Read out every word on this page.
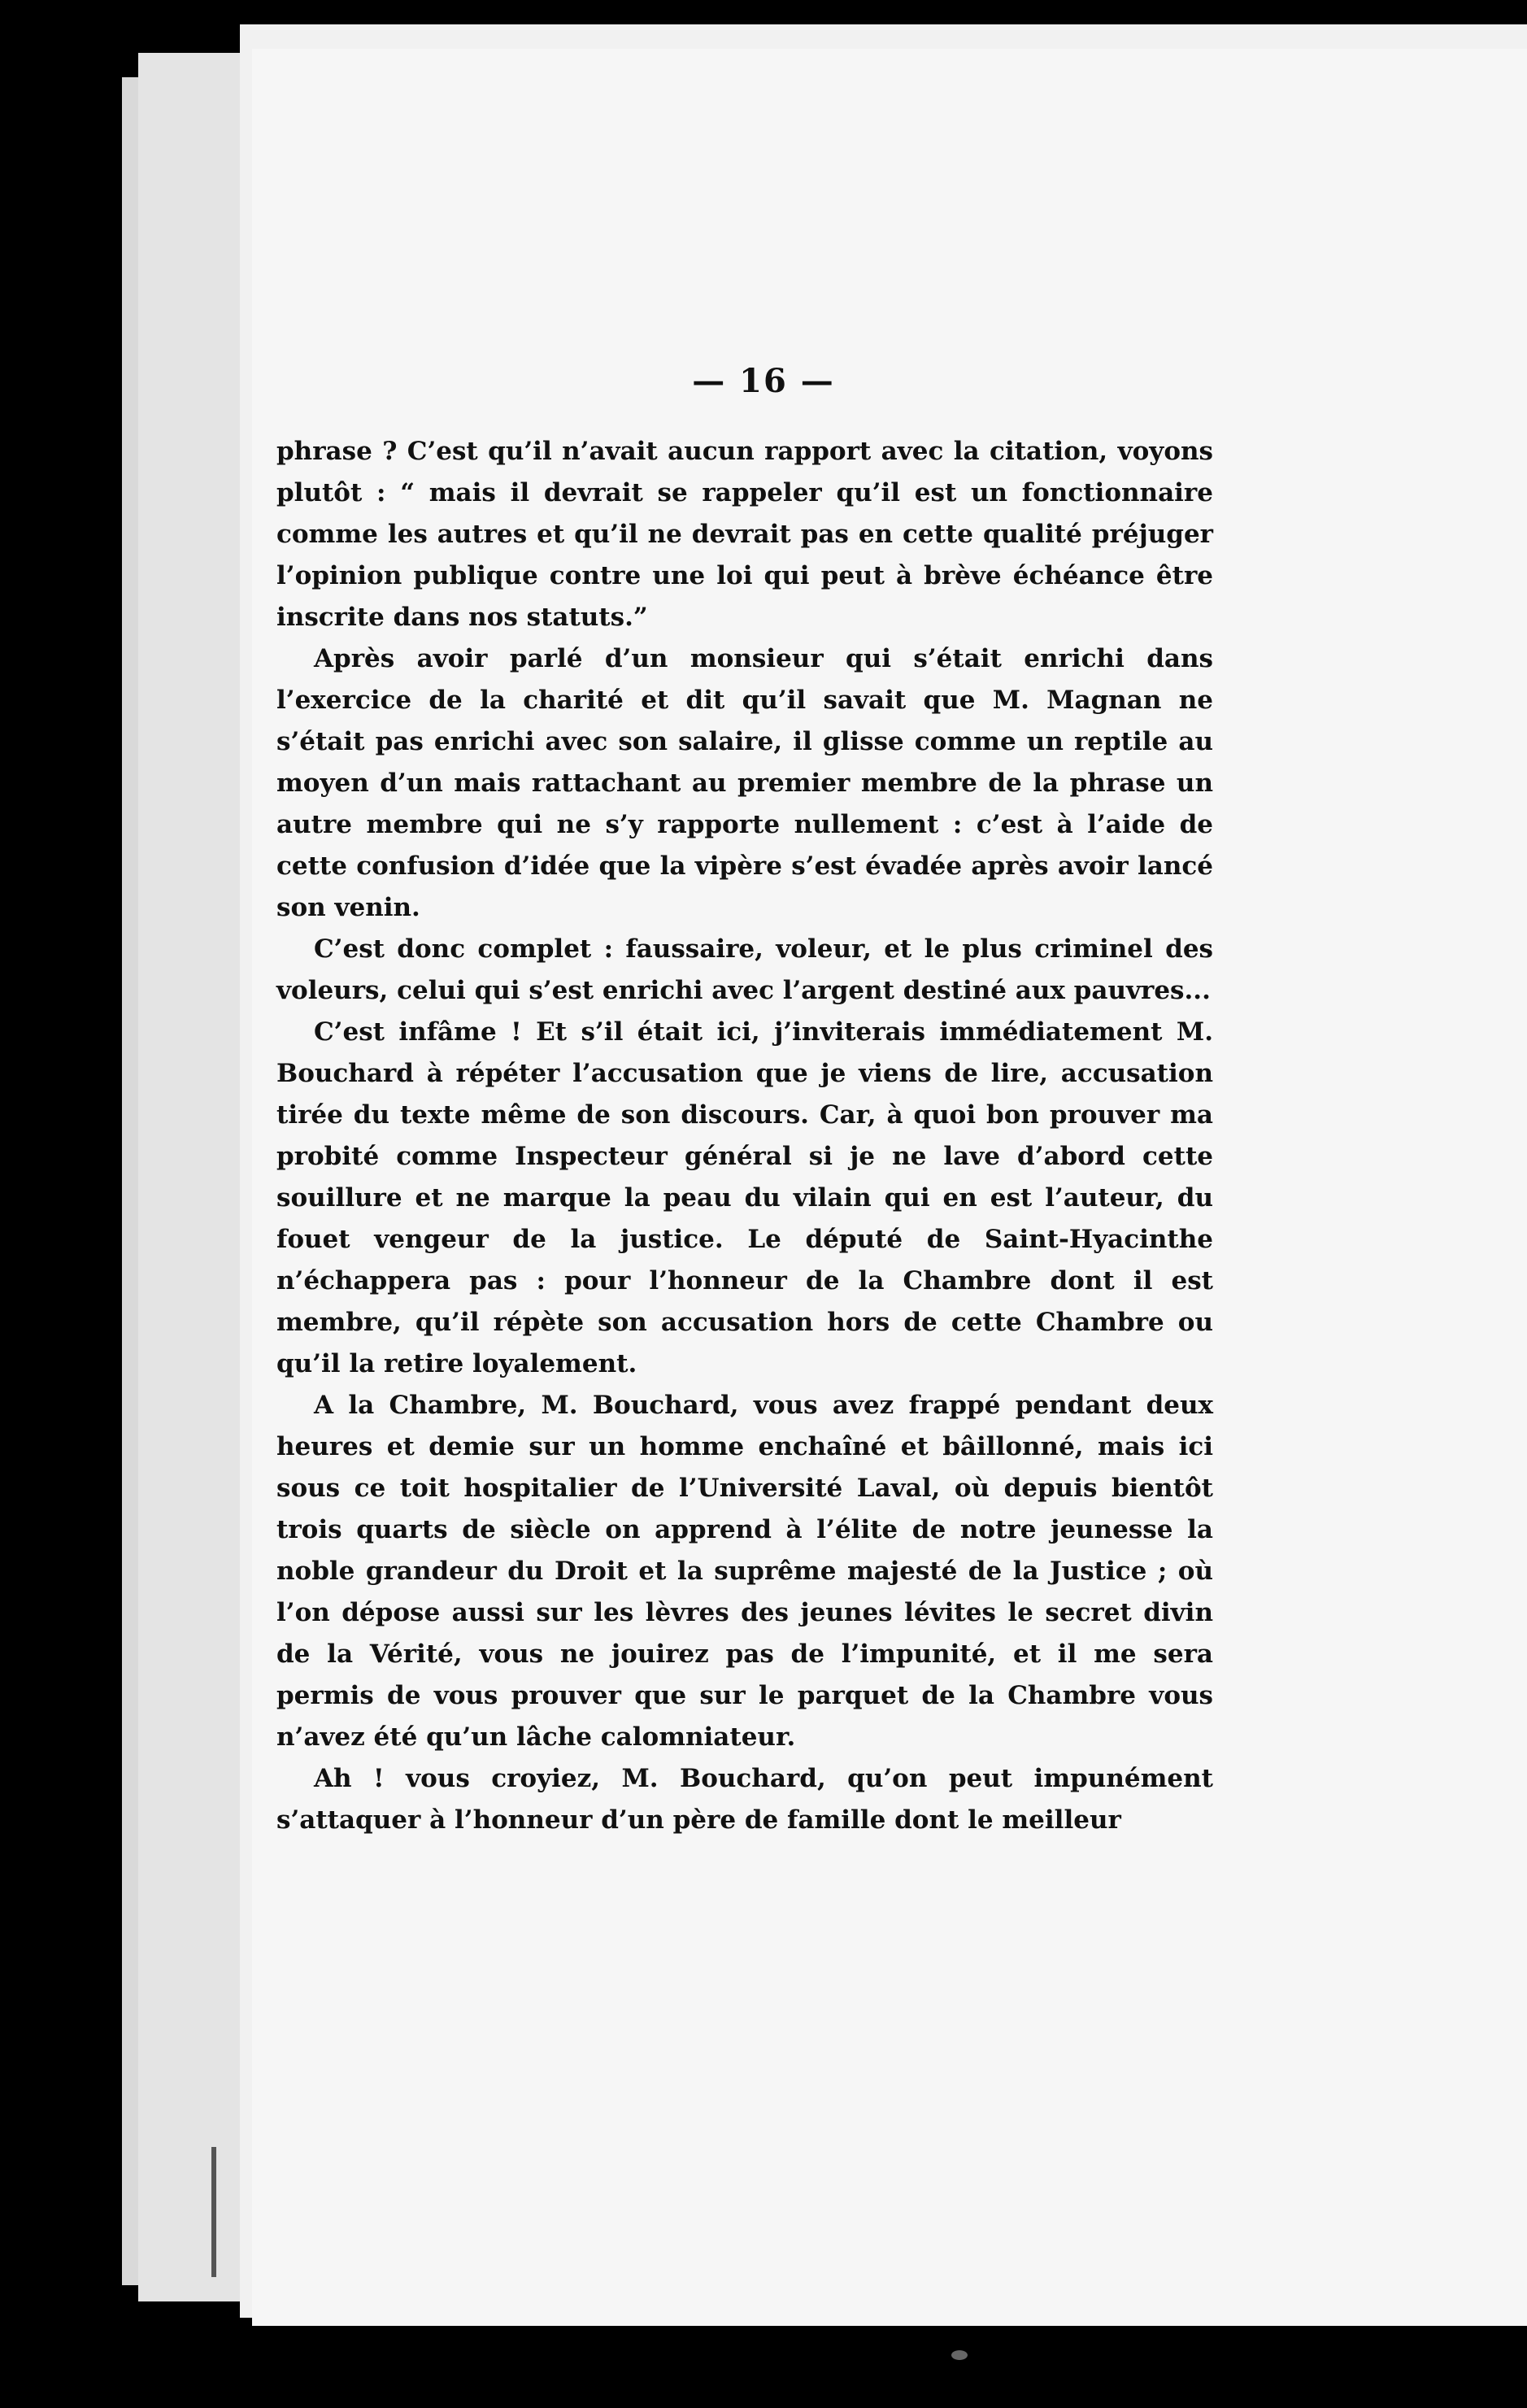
— 16 —

phrase ? C’est qu’il n’avait aucun rapport avec la citation, voyons plutôt : “ mais il devrait se rappeler qu’il est un fonctionnaire comme les autres et qu’il ne devrait pas en cette qualité préjuger l’opinion publique contre une loi qui peut à brève échéance être inscrite dans nos statuts.”

Après avoir parlé d’un monsieur qui s’était enrichi dans l’exercice de la charité et dit qu’il savait que M. Magnan ne s’était pas enrichi avec son salaire, il glisse comme un reptile au moyen d’un mais rattachant au premier membre de la phrase un autre membre qui ne s’y rapporte nullement : c’est à l’aide de cette confusion d’idée que la vipère s’est évadée après avoir lancé son venin.

C’est donc complet : faussaire, voleur, et le plus criminel des voleurs, celui qui s’est enrichi avec l’argent destiné aux pauvres...

C’est infâme ! Et s’il était ici, j’inviterais immédiatement M. Bouchard à répéter l’accusation que je viens de lire, accusation tirée du texte même de son discours. Car, à quoi bon prouver ma probité comme Inspecteur général si je ne lave d’abord cette souillure et ne marque la peau du vilain qui en est l’auteur, du fouet vengeur de la justice. Le député de Saint-Hyacinthe n’échappera pas : pour l’honneur de la Chambre dont il est membre, qu’il répète son accusation hors de cette Chambre ou qu’il la retire loyalement.

A la Chambre, M. Bouchard, vous avez frappé pendant deux heures et demie sur un homme enchaîné et bâillonné, mais ici sous ce toit hospitalier de l’Université Laval, où depuis bientôt trois quarts de siècle on apprend à l’élite de notre jeunesse la noble grandeur du Droit et la suprême majesté de la Justice ; où l’on dépose aussi sur les lèvres des jeunes lévites le secret divin de la Vérité, vous ne jouirez pas de l’impunité, et il me sera permis de vous prouver que sur le parquet de la Chambre vous n’avez été qu’un lâche calomniateur.

Ah ! vous croyiez, M. Bouchard, qu’on peut impunément s’attaquer à l’honneur d’un père de famille dont le meilleur
